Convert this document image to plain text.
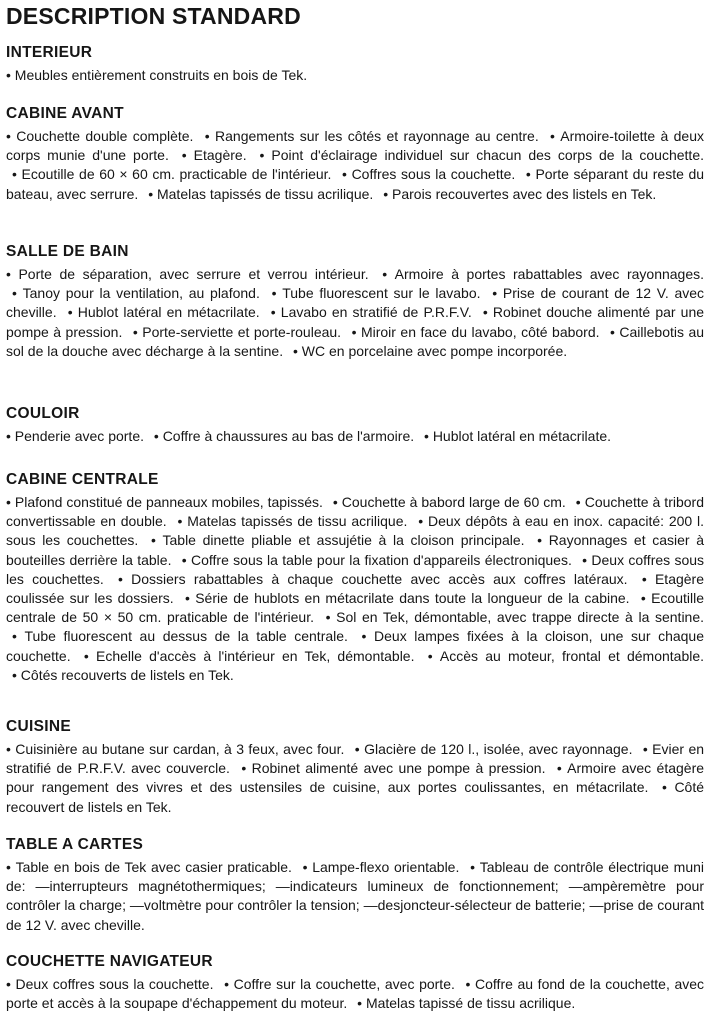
DESCRIPTION STANDARD
INTERIEUR

• Meubles entièrement construits en bois de Tek.

CABINE AVANT

• Couchette double complète. • Rangements sur les côtés et rayonnage au centre. • Armoire-toilette à deux corps munie d'une porte. • Etagère. • Point d'éclairage individuel sur chacun des corps de la couchette. • Ecoutille de 60 × 60 cm. practicable de l'intérieur. • Coffres sous la couchette. • Porte séparant du reste du bateau, avec serrure. • Matelas tapissés de tissu acrilique. • Parois recouvertes avec des listels en Tek.

SALLE DE BAIN

• Porte de séparation, avec serrure et verrou intérieur. • Armoire à portes rabattables avec rayonnages. • Tanoy pour la ventilation, au plafond. • Tube fluorescent sur le lavabo. • Prise de courant de 12 V. avec cheville. • Hublot latéral en métacrilate. • Lavabo en stratifié de P.R.F.V. • Robinet douche alimenté par une pompe à pression. • Porte-serviette et porte-rouleau. • Miroir en face du lavabo, côté babord. • Caillebotis au sol de la douche avec décharge à la sentine. • WC en porcelaine avec pompe incorporée.

COULOIR

• Penderie avec porte. • Coffre à chaussures au bas de l'armoire. • Hublot latéral en métacrilate.

CABINE CENTRALE

• Plafond constitué de panneaux mobiles, tapissés. • Couchette à babord large de 60 cm. • Couchette à tribord convertissable en double. • Matelas tapissés de tissu acrilique. • Deux dépôts à eau en inox. capacité: 200 l. sous les couchettes. • Table dinette pliable et assujétie à la cloison principale. • Rayonnages et casier à bouteilles derrière la table. • Coffre sous la table pour la fixation d'appareils électroniques. • Deux coffres sous les couchettes. • Dossiers rabattables à chaque couchette avec accès aux coffres latéraux. • Etagère coulissée sur les dossiers. • Série de hublots en métacrilate dans toute la longueur de la cabine. • Ecoutille centrale de 50 × 50 cm. praticable de l'intérieur. • Sol en Tek, démontable, avec trappe directe à la sentine. • Tube fluorescent au dessus de la table centrale. • Deux lampes fixées à la cloison, une sur chaque couchette. • Echelle d'accès à l'intérieur en Tek, démontable. • Accès au moteur, frontal et démontable. • Côtés recouverts de listels en Tek.

CUISINE

• Cuisinière au butane sur cardan, à 3 feux, avec four. • Glacière de 120 l., isolée, avec rayonnage. • Evier en stratifié de P.R.F.V. avec couvercle. • Robinet alimenté avec une pompe à pression. • Armoire avec étagère pour rangement des vivres et des ustensiles de cuisine, aux portes coulissantes, en métacrilate. • Côté recouvert de listels en Tek.

TABLE A CARTES

• Table en bois de Tek avec casier praticable. • Lampe-flexo orientable. • Tableau de contrôle électrique muni de: —interrupteurs magnétothermiques; —indicateurs lumineux de fonctionnement; —ampèremètre pour contrôler la charge; —voltmètre pour contrôler la tension; —desjoncteur-sélecteur de batterie; —prise de courant de 12 V. avec cheville.

COUCHETTE NAVIGATEUR

• Deux coffres sous la couchette. • Coffre sur la couchette, avec porte. • Coffre au fond de la couchette, avec porte et accès à la soupape d'échappement du moteur. • Matelas tapissé de tissu acrilique.
